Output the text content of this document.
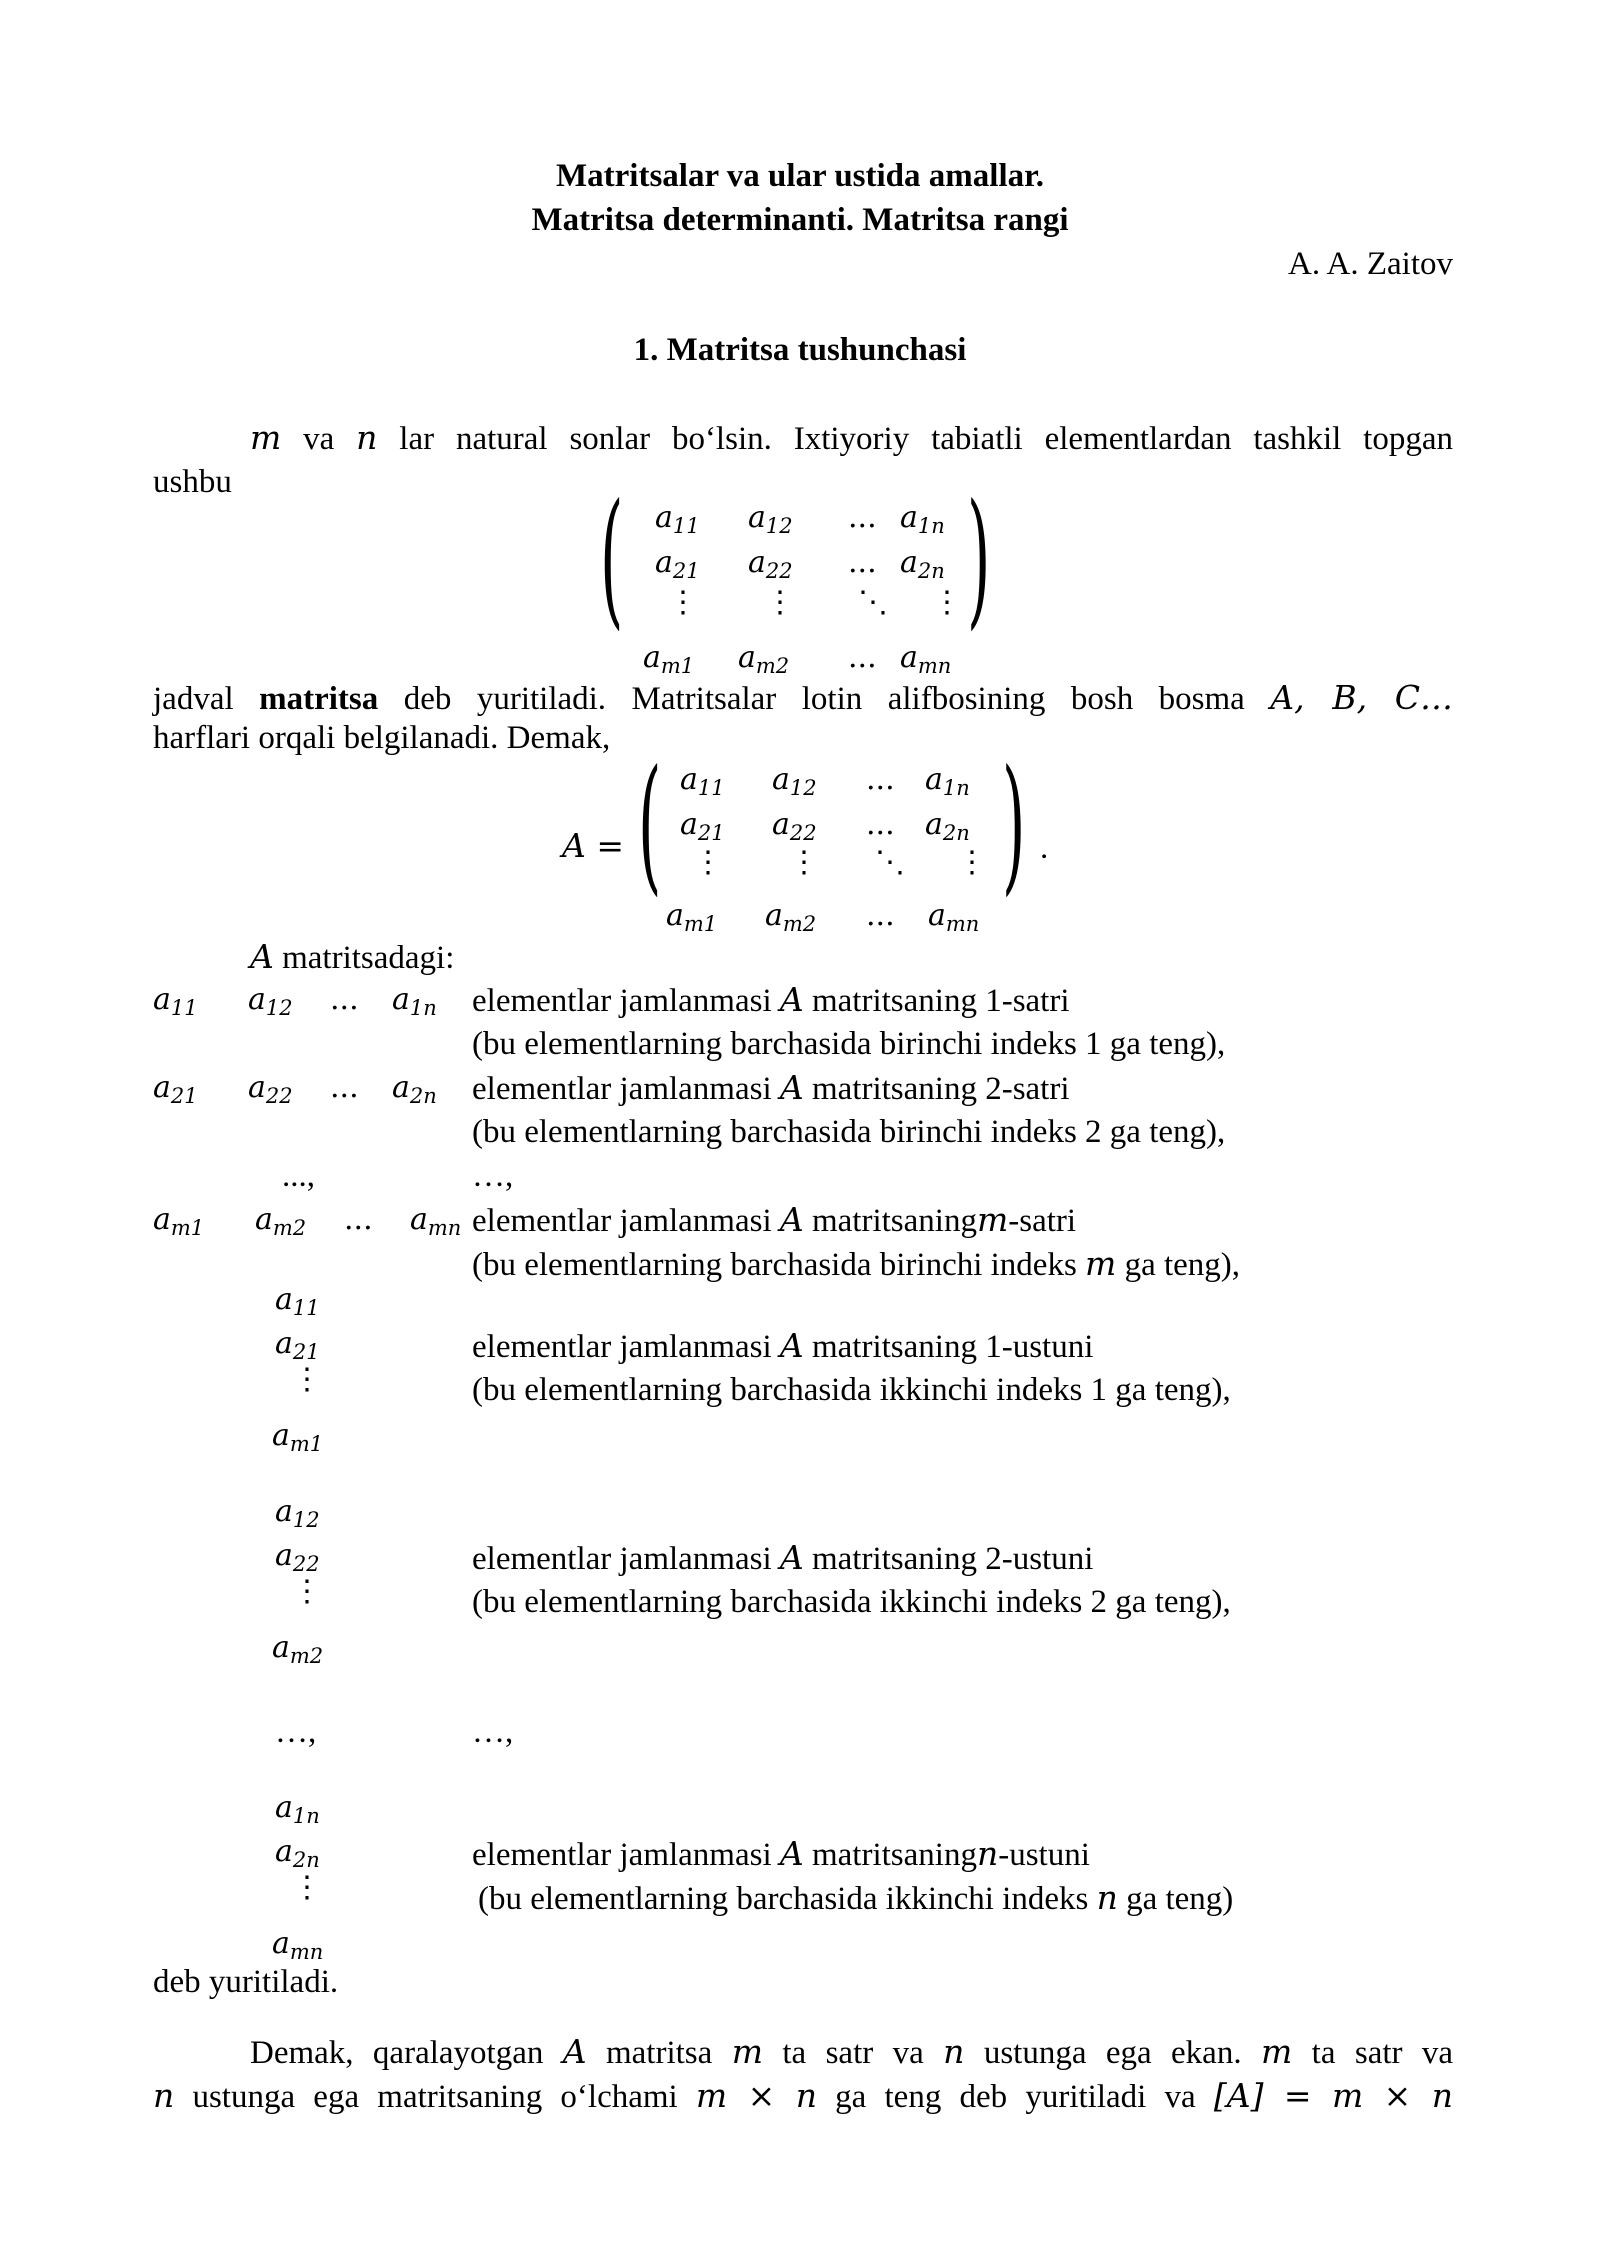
Matritsalar va ular ustida amallar.
Matritsa determinanti. Matritsa rangi
A. A. Zaitov
1. Matritsa tushunchasi
m va n lar natural sonlar bo‘lsin. Ixtiyoriy tabiatli elementlardan tashkil topgan
ushbu	( $a_{11}$ $a_{12}$ ... $a_{1n}$
$a_{21}$ $a_{22}$ ... $a_{2n}$
⋮ ⋮ ⋱ ⋮
$a_{m1}$ $a_{m2}$ ... $a_{mn}$
)
jadval matritsa deb yuritiladi. Matritsalar lotin alifbosining bosh bosma A, B, C…
harflari orqali belgilanadi. Demak,
A = ( $a_{11}$ $a_{12}$ ... $a_{1n}$
$a_{21}$ $a_{22}$ ... $a_{2n}$
⋮ ⋮ ⋱ ⋮
$a_{m1}$ $a_{m2}$ ... $a_{mn}$
) .
A matritsadagi:
$a_{11}$ $a_{12}$ ... $a_{1n}$ elementlar jamlanmasi A matritsaning 1-satri
(bu elementlarning barchasida birinchi indeks 1 ga teng),
$a_{21}$ $a_{22}$ ... $a_{2n}$ elementlar jamlanmasi A matritsaning 2-satri
(bu elementlarning barchasida birinchi indeks 2 ga teng),
...,	…,
$a_{m1}$ $a_{m2}$ ... $a_{mn}$ elementlar jamlanmasi A matritsaningm-satri
(bu elementlarning barchasida birinchi indeks m ga teng),
$a_{11}$
$a_{21}$
⋮
$a_{m1}$
elementlar jamlanmasi A matritsaning 1-ustuni
(bu elementlarning barchasida ikkinchi indeks 1 ga teng),
$a_{12}$
$a_{22}$
⋮
$a_{m2}$
elementlar jamlanmasi A matritsaning 2-ustuni
(bu elementlarning barchasida ikkinchi indeks 2 ga teng),
…,	…,
$a_{1n}$
$a_{2n}$
⋮
$a_{mn}$
elementlar jamlanmasi A matritsaningn-ustuni
(bu elementlarning barchasida ikkinchi indeks n ga teng)
deb yuritiladi.
Demak, qaralayotgan A matritsa m ta satr va n ustunga ega ekan. m ta satr va
n ustunga ega matritsaning o‘lchami m × n ga teng deb yuritiladi va [A] = m × n
